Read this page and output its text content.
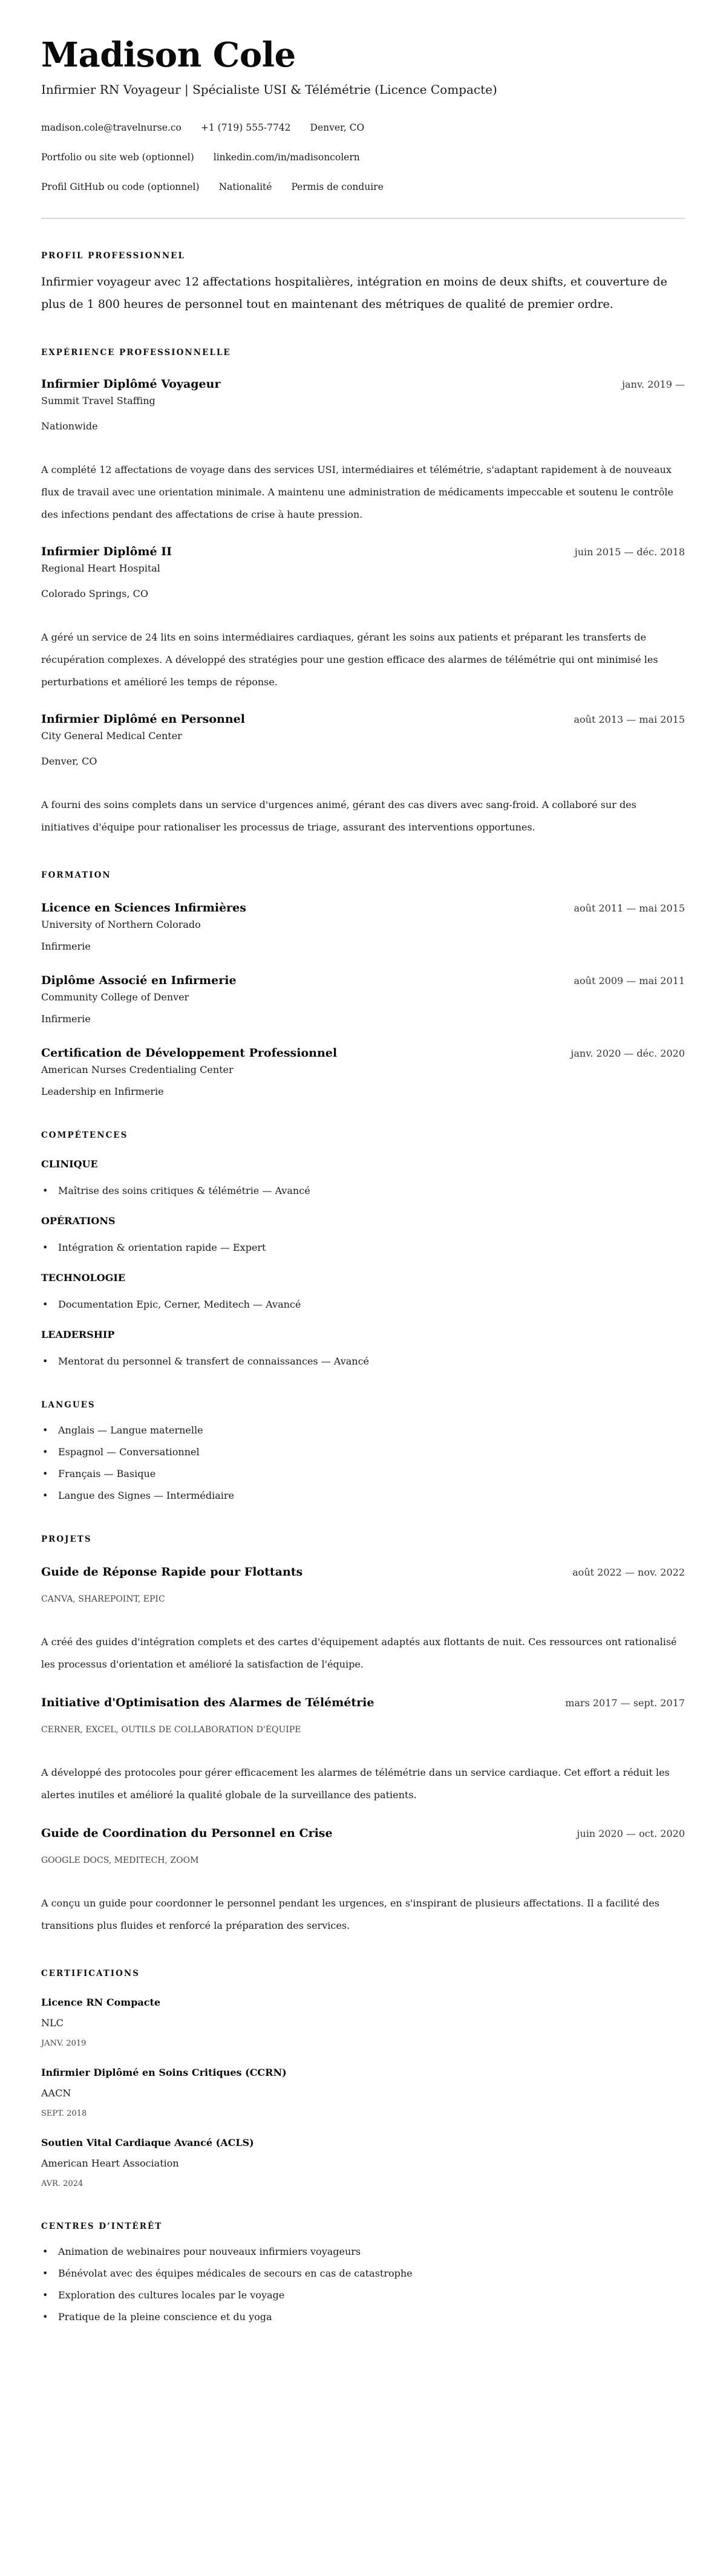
Madison Cole
Infirmier RN Voyageur | Spécialiste USI & Télémétrie (Licence Compacte)
madison.cole@travelnurse.co +1 (719) 555-7742 Denver, CO
Portfolio ou site web (optionnel) linkedin.com/in/madisoncolern
Profil GitHub ou code (optionnel) Nationalité Permis de conduire
PROFIL PROFESSIONNEL

Infirmier voyageur avec 12 affectations hospitalières, intégration en moins de deux shifts, et couverture de plus de 1 800 heures de personnel tout en maintenant des métriques de qualité de premier ordre.

EXPÉRIENCE PROFESSIONNELLE
Infirmier Diplômé Voyageur	janv. 2019 —
Summit Travel Staffing
Nationwide

A complété 12 affectations de voyage dans des services USI, intermédiaires et télémétrie, s'adaptant rapidement à de nouveaux flux de travail avec une orientation minimale. A maintenu une administration de médicaments impeccable et soutenu le contrôle des infections pendant des affectations de crise à haute pression.

Infirmier Diplômé II	juin 2015 — déc. 2018
Regional Heart Hospital
Colorado Springs, CO

A géré un service de 24 lits en soins intermédiaires cardiaques, gérant les soins aux patients et préparant les transferts de récupération complexes. A développé des stratégies pour une gestion efficace des alarmes de télémétrie qui ont minimisé les perturbations et amélioré les temps de réponse.

Infirmier Diplômé en Personnel	août 2013 — mai 2015
City General Medical Center
Denver, CO

A fourni des soins complets dans un service d'urgences animé, gérant des cas divers avec sang-froid. A collaboré sur des initiatives d'équipe pour rationaliser les processus de triage, assurant des interventions opportunes.

FORMATION
Licence en Sciences Infirmières	août 2011 — mai 2015
University of Northern Colorado
Infirmerie
Diplôme Associé en Infirmerie	août 2009 — mai 2011
Community College of Denver
Infirmerie
Certification de Développement Professionnel	janv. 2020 — déc. 2020
American Nurses Credentialing Center
Leadership en Infirmerie
COMPÉTENCES
CLINIQUE
• Maîtrise des soins critiques & télémétrie — Avancé
OPÉRATIONS
• Intégration & orientation rapide — Expert
TECHNOLOGIE
• Documentation Epic, Cerner, Meditech — Avancé
LEADERSHIP
• Mentorat du personnel & transfert de connaissances — Avancé
LANGUES
• Anglais — Langue maternelle
• Espagnol — Conversationnel
• Français — Basique
• Langue des Signes — Intermédiaire
PROJETS
Guide de Réponse Rapide pour Flottants	août 2022 — nov. 2022
CANVA, SHAREPOINT, EPIC

A créé des guides d'intégration complets et des cartes d'équipement adaptés aux flottants de nuit. Ces ressources ont rationalisé les processus d'orientation et amélioré la satisfaction de l'équipe.

Initiative d'Optimisation des Alarmes de Télémétrie	mars 2017 — sept. 2017
CERNER, EXCEL, OUTILS DE COLLABORATION D'ÉQUIPE

A développé des protocoles pour gérer efficacement les alarmes de télémétrie dans un service cardiaque. Cet effort a réduit les alertes inutiles et amélioré la qualité globale de la surveillance des patients.

Guide de Coordination du Personnel en Crise	juin 2020 — oct. 2020
GOOGLE DOCS, MEDITECH, ZOOM

A conçu un guide pour coordonner le personnel pendant les urgences, en s'inspirant de plusieurs affectations. Il a facilité des transitions plus fluides et renforcé la préparation des services.

CERTIFICATIONS
Licence RN Compacte
NLC
JANV. 2019
Infirmier Diplômé en Soins Critiques (CCRN)
AACN
SEPT. 2018
Soutien Vital Cardiaque Avancé (ACLS)
American Heart Association
AVR. 2024
CENTRES D’INTÉRÊT
• Animation de webinaires pour nouveaux infirmiers voyageurs
• Bénévolat avec des équipes médicales de secours en cas de catastrophe
• Exploration des cultures locales par le voyage
• Pratique de la pleine conscience et du yoga
